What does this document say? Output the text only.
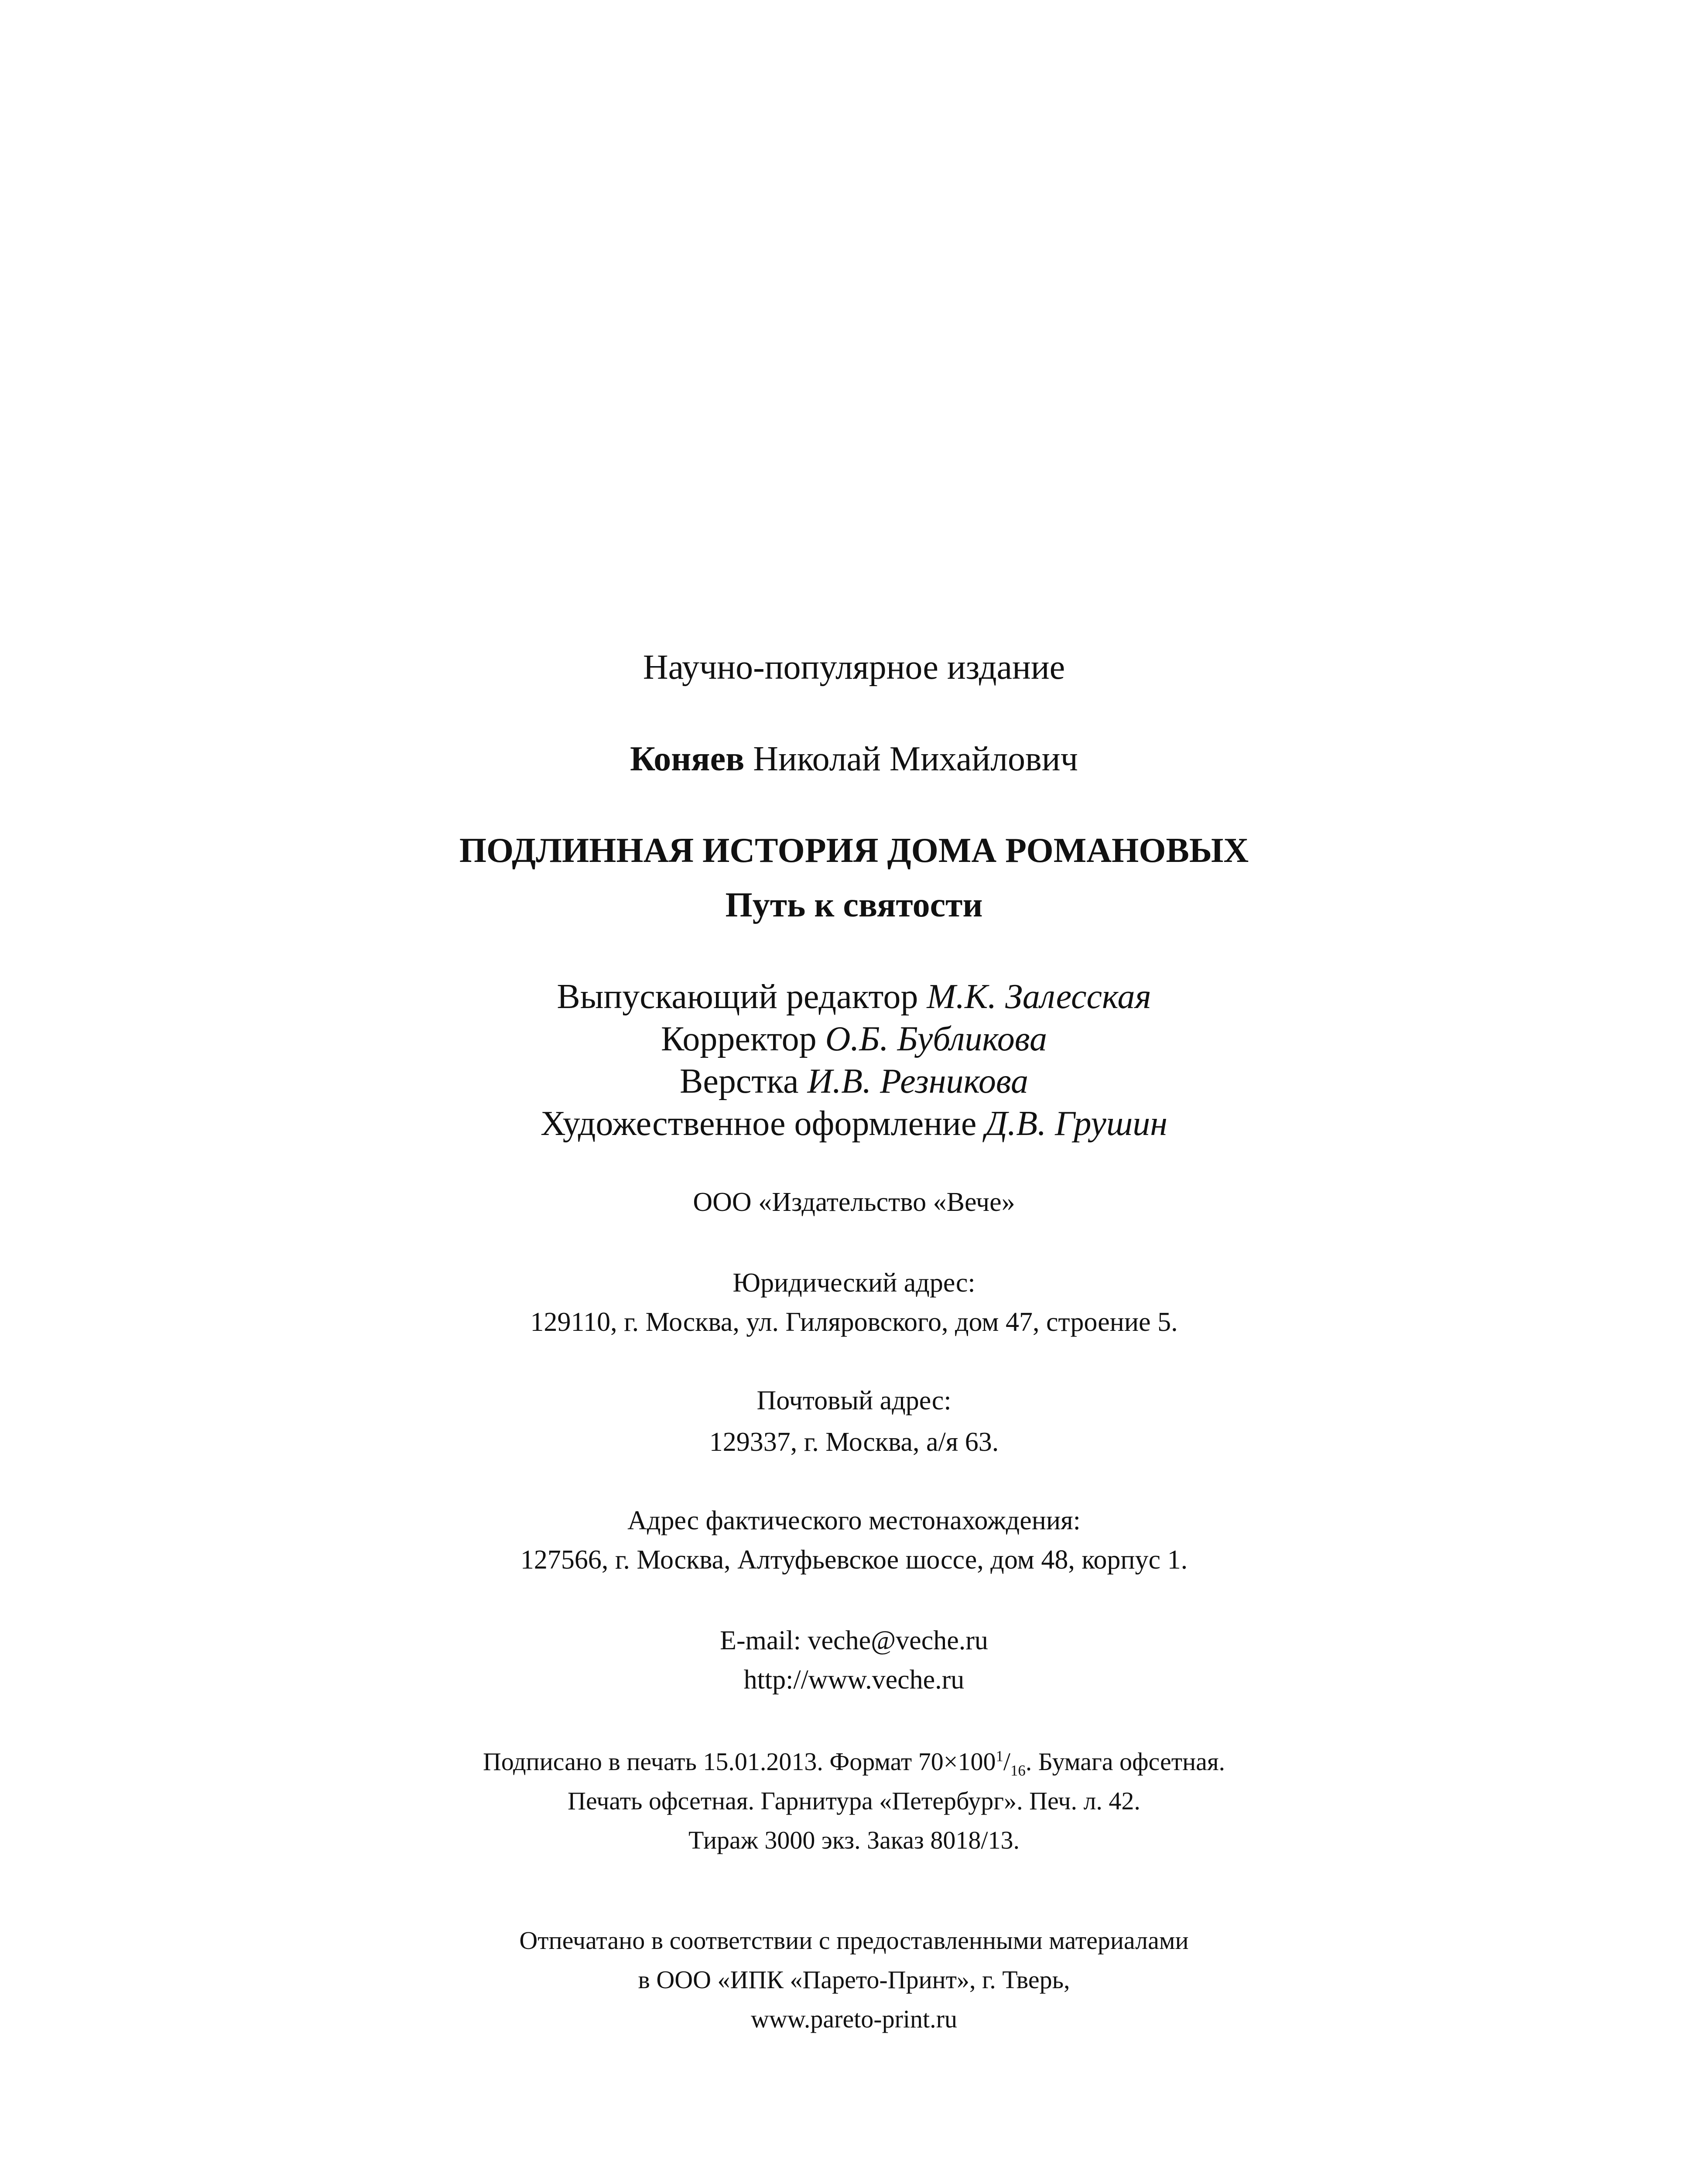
Научно-популярное издание
Коняев Николай Михайлович
ПОДЛИННАЯ ИСТОРИЯ ДОМА РОМАНОВЫХ
Путь к святости
Выпускающий редактор М.К. Залесская
Корректор О.Б. Бубликова
Верстка И.В. Резникова
Художественное оформление Д.В. Грушин
ООО «Издательство «Вече»
Юридический адрес:
129110, г. Москва, ул. Гиляровского, дом 47, строение 5.
Почтовый адрес:
129337, г. Москва, а/я 63.
Адрес фактического местонахождения:
127566, г. Москва, Алтуфьевское шоссе, дом 48, корпус 1.
E-mail: veche@veche.ru
http://www.veche.ru
Подписано в печать 15.01.2013. Формат $70\times 100^1/_{16}$. Бумага офсетная.
Печать офсетная. Гарнитура «Петербург». Печ. л. 42.
Тираж 3000 экз. Заказ 8018/13.
Отпечатано в соответствии с предоставленными материалами
в ООО «ИПК «Парето-Принт», г. Тверь,
www.pareto-print.ru
